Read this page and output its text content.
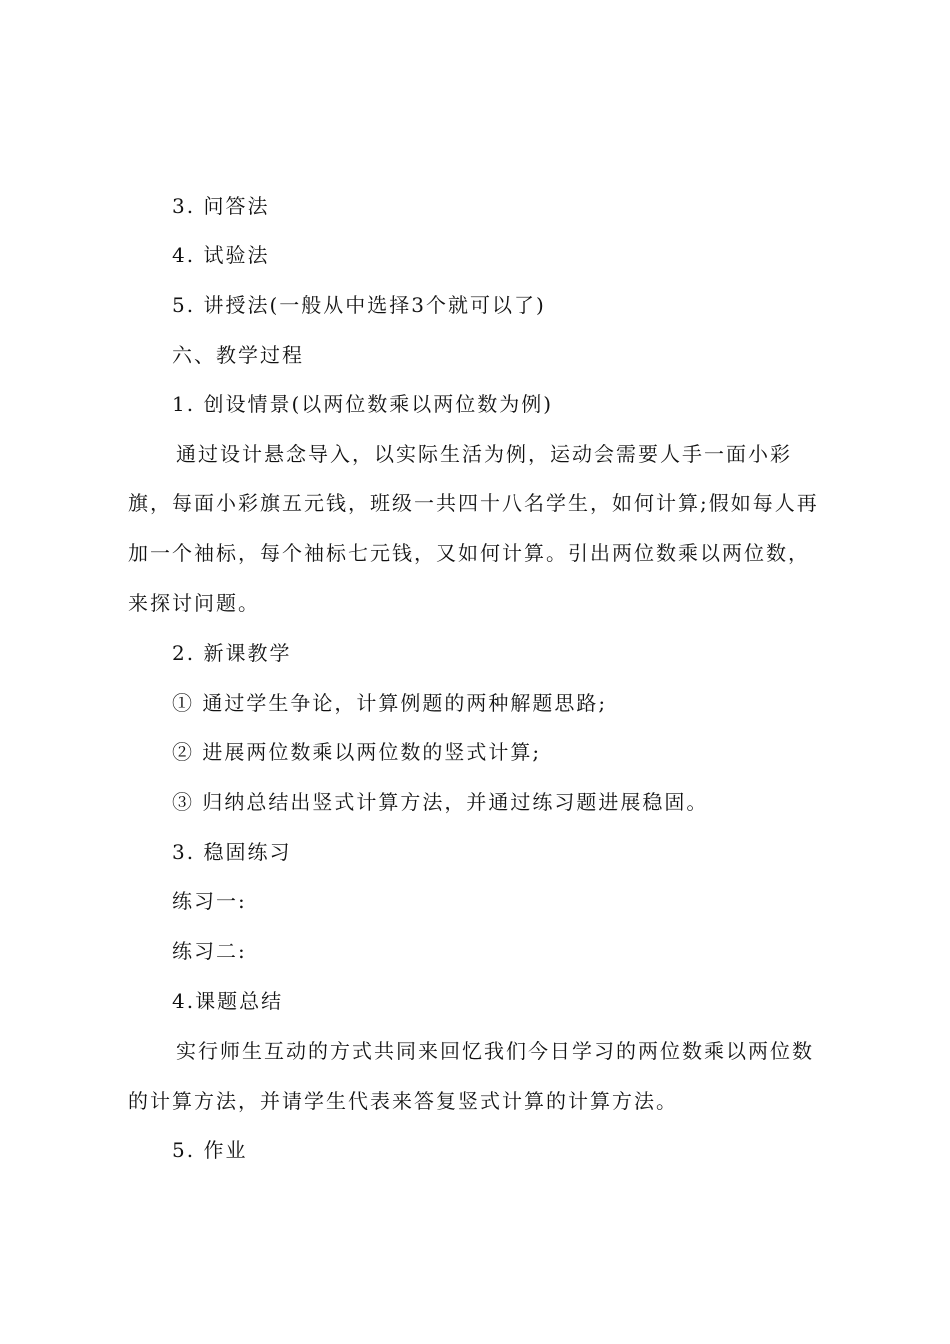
3. 问答法
4. 试验法
5. 讲授法(一般从中选择3个就可以了)
六、教学过程
1. 创设情景(以两位数乘以两位数为例)
通过设计悬念导入，以实际生活为例，运动会需要人手一面小彩
旗，每面小彩旗五元钱，班级一共四十八名学生，如何计算;假如每人再
加一个袖标，每个袖标七元钱，又如何计算。引出两位数乘以两位数，
来探讨问题。
2. 新课教学
① 通过学生争论，计算例题的两种解题思路;
② 进展两位数乘以两位数的竖式计算;
③ 归纳总结出竖式计算方法，并通过练习题进展稳固。
3. 稳固练习
练习一:
练习二:
4.课题总结
实行师生互动的方式共同来回忆我们今日学习的两位数乘以两位数
的计算方法，并请学生代表来答复竖式计算的计算方法。
5. 作业
